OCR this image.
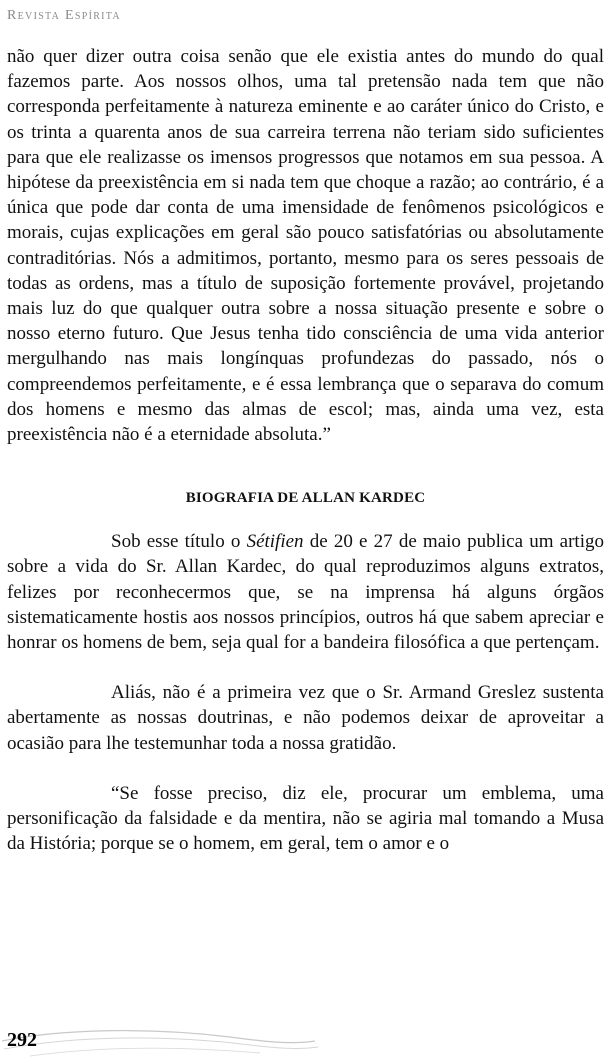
Revista Espírita

não quer dizer outra coisa senão que ele existia antes do mundo do qual fazemos parte. Aos nossos olhos, uma tal pretensão nada tem que não corresponda perfeitamente à natureza eminente e ao caráter único do Cristo, e os trinta a quarenta anos de sua carreira terrena não teriam sido suficientes para que ele realizasse os imensos progressos que notamos em sua pessoa. A hipótese da preexistência em si nada tem que choque a razão; ao contrário, é a única que pode dar conta de uma imensidade de fenômenos psicológicos e morais, cujas explicações em geral são pouco satisfatórias ou absolutamente contraditórias. Nós a admitimos, portanto, mesmo para os seres pessoais de todas as ordens, mas a título de suposição fortemente provável, projetando mais luz do que qualquer outra sobre a nossa situação presente e sobre o nosso eterno futuro. Que Jesus tenha tido consciência de uma vida anterior mergulhando nas mais longínquas profundezas do passado, nós o compreendemos perfeitamente, e é essa lembrança que o separava do comum dos homens e mesmo das almas de escol; mas, ainda uma vez, esta preexistência não é a eternidade absoluta.”

BIOGRAFIA DE ALLAN KARDEC

Sob esse título o Sétifien de 20 e 27 de maio publica um artigo sobre a vida do Sr. Allan Kardec, do qual reproduzimos alguns extratos, felizes por reconhecermos que, se na imprensa há alguns órgãos sistematicamente hostis aos nossos princípios, outros há que sabem apreciar e honrar os homens de bem, seja qual for a bandeira filosófica a que pertençam.

Aliás, não é a primeira vez que o Sr. Armand Greslez sustenta abertamente as nossas doutrinas, e não podemos deixar de aproveitar a ocasião para lhe testemunhar toda a nossa gratidão.

“Se fosse preciso, diz ele, procurar um emblema, uma personificação da falsidade e da mentira, não se agiria mal tomando a Musa da História; porque se o homem, em geral, tem o amor e o

292
